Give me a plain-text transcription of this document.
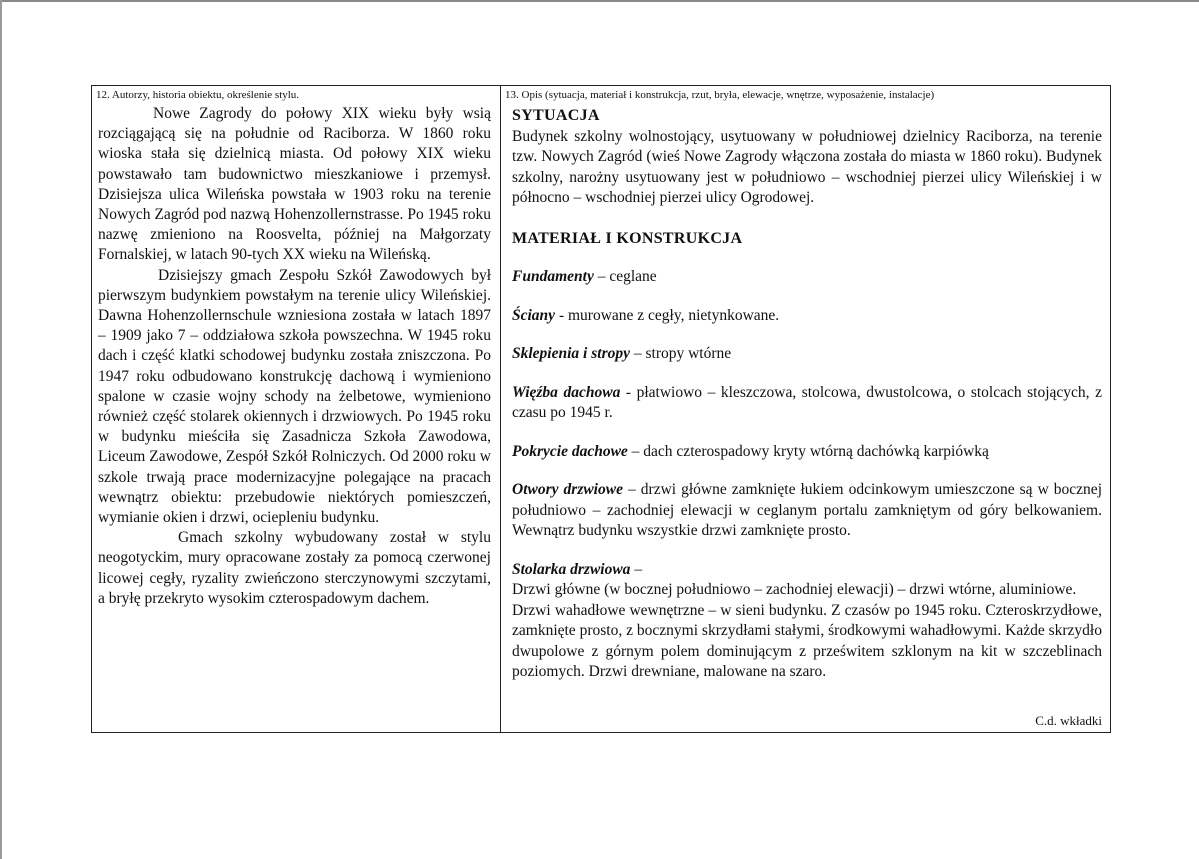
12. Autorzy, historia obiektu, określenie stylu.

Nowe Zagrody do połowy XIX wieku były wsią rozciągającą się na południe od Raciborza. W 1860 roku wioska stała się dzielnicą miasta. Od połowy XIX wieku powstawało tam budownictwo mieszkaniowe i przemysł. Dzisiejsza ulica Wileńska powstała w 1903 roku na terenie Nowych Zagród pod nazwą Hohenzollernstrasse. Po 1945 roku nazwę zmieniono na Roosvelta, później na Małgorzaty Fornalskiej, w latach 90-tych XX wieku na Wileńską.

Dzisiejszy gmach Zespołu Szkół Zawodowych był pierwszym budynkiem powstałym na terenie ulicy Wileńskiej. Dawna Hohenzollernschule wzniesiona została w latach 1897 – 1909 jako 7 – oddziałowa szkoła powszechna. W 1945 roku dach i część klatki schodowej budynku została zniszczona. Po 1947 roku odbudowano konstrukcję dachową i wymieniono spalone w czasie wojny schody na żelbetowe, wymieniono również część stolarek okiennych i drzwiowych. Po 1945 roku w budynku mieściła się Zasadnicza Szkoła Zawodowa, Liceum Zawodowe, Zespół Szkół Rolniczych. Od 2000 roku w szkole trwają prace modernizacyjne polegające na pracach wewnątrz obiektu: przebudowie niektórych pomieszczeń, wymianie okien i drzwi, ociepleniu budynku.

Gmach szkolny wybudowany został w stylu neogotyckim, mury opracowane zostały za pomocą czerwonej licowej cegły, ryzality zwieńczono sterczynowymi szczytami, a bryłę przekryto wysokim czterospadowym dachem.

13. Opis (sytuacja, materiał i konstrukcja, rzut, bryła, elewacje, wnętrze, wyposażenie, instalacje)

SYTUACJA

Budynek szkolny wolnostojący, usytuowany w południowej dzielnicy Raciborza, na terenie tzw. Nowych Zagród (wieś Nowe Zagrody włączona została do miasta w 1860 roku). Budynek szkolny, narożny usytuowany jest w południowo – wschodniej pierzei ulicy Wileńskiej i w północno – wschodniej pierzei ulicy Ogrodowej.

MATERIAŁ I KONSTRUKCJA

Fundamenty – ceglane

Ściany - murowane z cegły, nietynkowane.

Sklepienia i stropy – stropy wtórne

Więźba dachowa - płatwiowo – kleszczowa, stolcowa, dwustolcowa, o stolcach stojących, z czasu po 1945 r.

Pokrycie dachowe – dach czterospadowy kryty wtórną dachówką karpiówką

Otwory drzwiowe – drzwi główne zamknięte łukiem odcinkowym umieszczone są w bocznej południowo – zachodniej elewacji w ceglanym portalu zamkniętym od góry belkowaniem. Wewnątrz budynku wszystkie drzwi zamknięte prosto.

Stolarka drzwiowa –

Drzwi główne (w bocznej południowo – zachodniej elewacji) – drzwi wtórne, aluminiowe.

Drzwi wahadłowe wewnętrzne – w sieni budynku. Z czasów po 1945 roku. Czteroskrzydłowe, zamknięte prosto, z bocznymi skrzydłami stałymi, środkowymi wahadłowymi. Każde skrzydło dwupolowe z górnym polem dominującym z prześwitem szklonym na kit w szczeblinach poziomych. Drzwi drewniane, malowane na szaro.

C.d. wkładki
